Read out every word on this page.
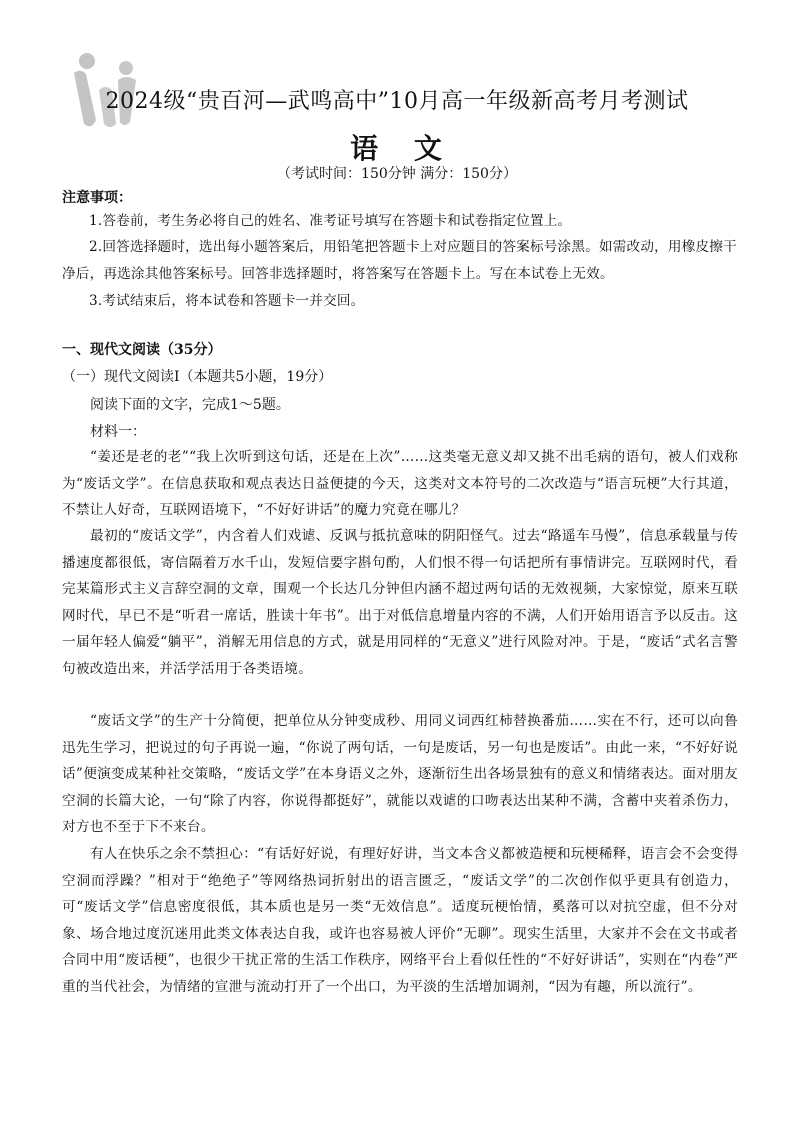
2024级“贵百河—武鸣高中”10月高一年级新高考月考测试
语 文
（考试时间：150分钟 满分：150分）
注意事项：

1.答卷前，考生务必将自己的姓名、准考证号填写在答题卡和试卷指定位置上。

2.回答选择题时，选出每小题答案后，用铅笔把答题卡上对应题目的答案标号涂黑。如需改动，用橡皮擦干净后，再选涂其他答案标号。回答非选择题时，将答案写在答题卡上。写在本试卷上无效。

3.考试结束后，将本试卷和答题卡一并交回。

一、现代文阅读（35分）
（一）现代文阅读Ⅰ（本题共5小题，19分）
阅读下面的文字，完成1～5题。
材料一：

“姜还是老的老”“我上次听到这句话，还是在上次”……这类毫无意义却又挑不出毛病的语句，被人们戏称为“废话文学”。在信息获取和观点表达日益便捷的今天，这类对文本符号的二次改造与“语言玩梗”大行其道，不禁让人好奇，互联网语境下，“不好好讲话”的魔力究竟在哪儿？

最初的“废话文学”，内含着人们戏谑、反讽与抵抗意味的阴阳怪气。过去“路遥车马慢”，信息承载量与传播速度都很低，寄信隔着万水千山，发短信要字斟句酌，人们恨不得一句话把所有事情讲完。互联网时代，看完某篇形式主义言辞空洞的文章，围观一个长达几分钟但内涵不超过两句话的无效视频，大家惊觉，原来互联网时代，早已不是“听君一席话，胜读十年书”。出于对低信息增量内容的不满，人们开始用语言予以反击。这一届年轻人偏爱“躺平”，消解无用信息的方式，就是用同样的“无意义”进行风险对冲。于是，“废话”式名言警句被改造出来，并活学活用于各类语境。

“废话文学”的生产十分简便，把单位从分钟变成秒、用同义词西红柿替换番茄……实在不行，还可以向鲁迅先生学习，把说过的句子再说一遍，“你说了两句话，一句是废话，另一句也是废话”。由此一来，“不好好说话”便演变成某种社交策略，“废话文学”在本身语义之外，逐渐衍生出各场景独有的意义和情绪表达。面对朋友空洞的长篇大论，一句“除了内容，你说得都挺好”，就能以戏谑的口吻表达出某种不满，含蓄中夹着杀伤力，对方也不至于下不来台。

有人在快乐之余不禁担心：“有话好好说，有理好好讲，当文本含义都被造梗和玩梗稀释，语言会不会变得空洞而浮躁？”相对于“绝绝子”等网络热词折射出的语言匮乏，“废话文学”的二次创作似乎更具有创造力，可“废话文学”信息密度很低，其本质也是另一类“无效信息”。适度玩梗怡情，奚落可以对抗空虚，但不分对象、场合地过度沉迷用此类文体表达自我，或许也容易被人评价“无聊”。现实生活里，大家并不会在文书或者合同中用“废话梗”，也很少干扰正常的生活工作秩序，网络平台上看似任性的“不好好讲话”，实则在“内卷”严重的当代社会，为情绪的宣泄与流动打开了一个出口，为平淡的生活增加调剂，“因为有趣，所以流行”。
